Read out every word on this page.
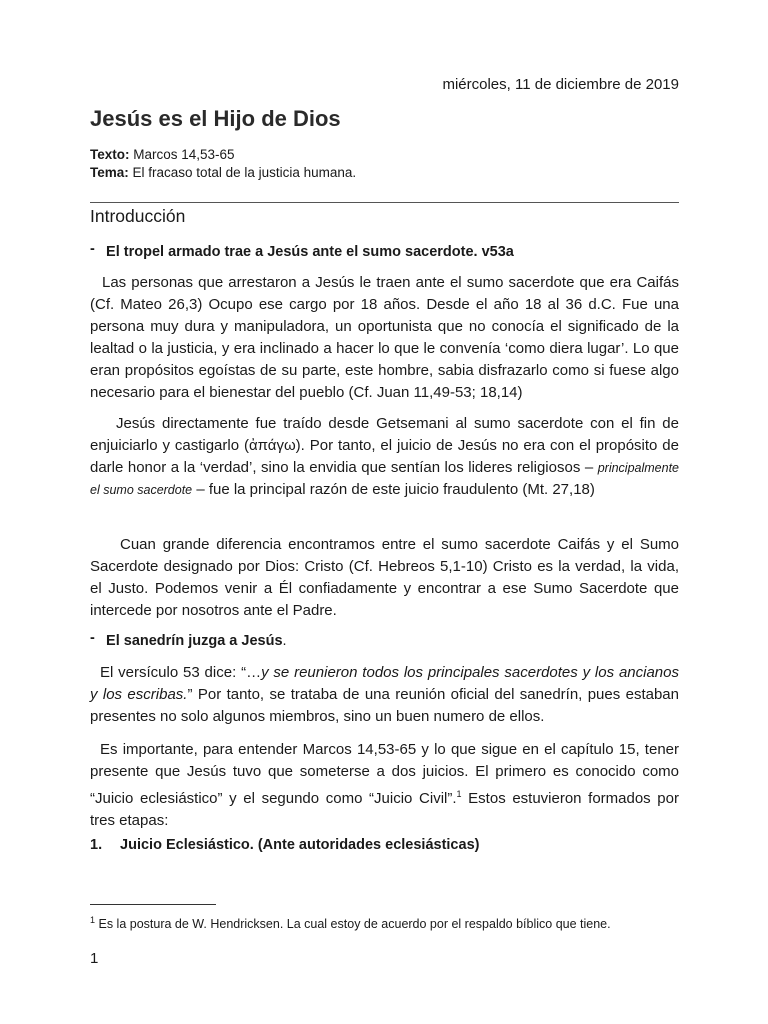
miércoles, 11 de diciembre de 2019
Jesús es el Hijo de Dios
Texto: Marcos 14,53-65
Tema: El fracaso total de la justicia humana.
Introducción
- El tropel armado trae a Jesús ante el sumo sacerdote. v53a

Las personas que arrestaron a Jesús le traen ante el sumo sacerdote que era Caifás (Cf. Mateo 26,3) Ocupo ese cargo por 18 años. Desde el año 18 al 36 d.C. Fue una persona muy dura y manipuladora, un oportunista que no conocía el significado de la lealtad o la justicia, y era inclinado a hacer lo que le convenía ‘como diera lugar’. Lo que eran propósitos egoístas de su parte, este hombre, sabia disfrazarlo como si fuese algo necesario para el bienestar del pueblo (Cf. Juan 11,49-53; 18,14)

Jesús directamente fue traído desde Getsemani al sumo sacerdote con el fin de enjuiciarlo y castigarlo (ἀπάγω). Por tanto, el juicio de Jesús no era con el propósito de darle honor a la ‘verdad’, sino la envidia que sentían los lideres religiosos – principalmente el sumo sacerdote – fue la principal razón de este juicio fraudulento (Mt. 27,18)

Cuan grande diferencia encontramos entre el sumo sacerdote Caifás y el Sumo Sacerdote designado por Dios: Cristo (Cf. Hebreos 5,1-10) Cristo es la verdad, la vida, el Justo. Podemos venir a Él confiadamente y encontrar a ese Sumo Sacerdote que intercede por nosotros ante el Padre.

- El sanedrín juzga a Jesús.

El versículo 53 dice: “…y se reunieron todos los principales sacerdotes y los ancianos y los escribas.” Por tanto, se trataba de una reunión oficial del sanedrín, pues estaban presentes no solo algunos miembros, sino un buen numero de ellos.

Es importante, para entender Marcos 14,53-65 y lo que sigue en el capítulo 15, tener presente que Jesús tuvo que someterse a dos juicios. El primero es conocido como “Juicio eclesiástico” y el segundo como “Juicio Civil”.$^1$ Estos estuvieron formados por tres etapas:

1. Juicio Eclesiástico. (Ante autoridades eclesiásticas)
$^1$ Es la postura de W. Hendricksen. La cual estoy de acuerdo por el respaldo bíblico que tiene.
1
